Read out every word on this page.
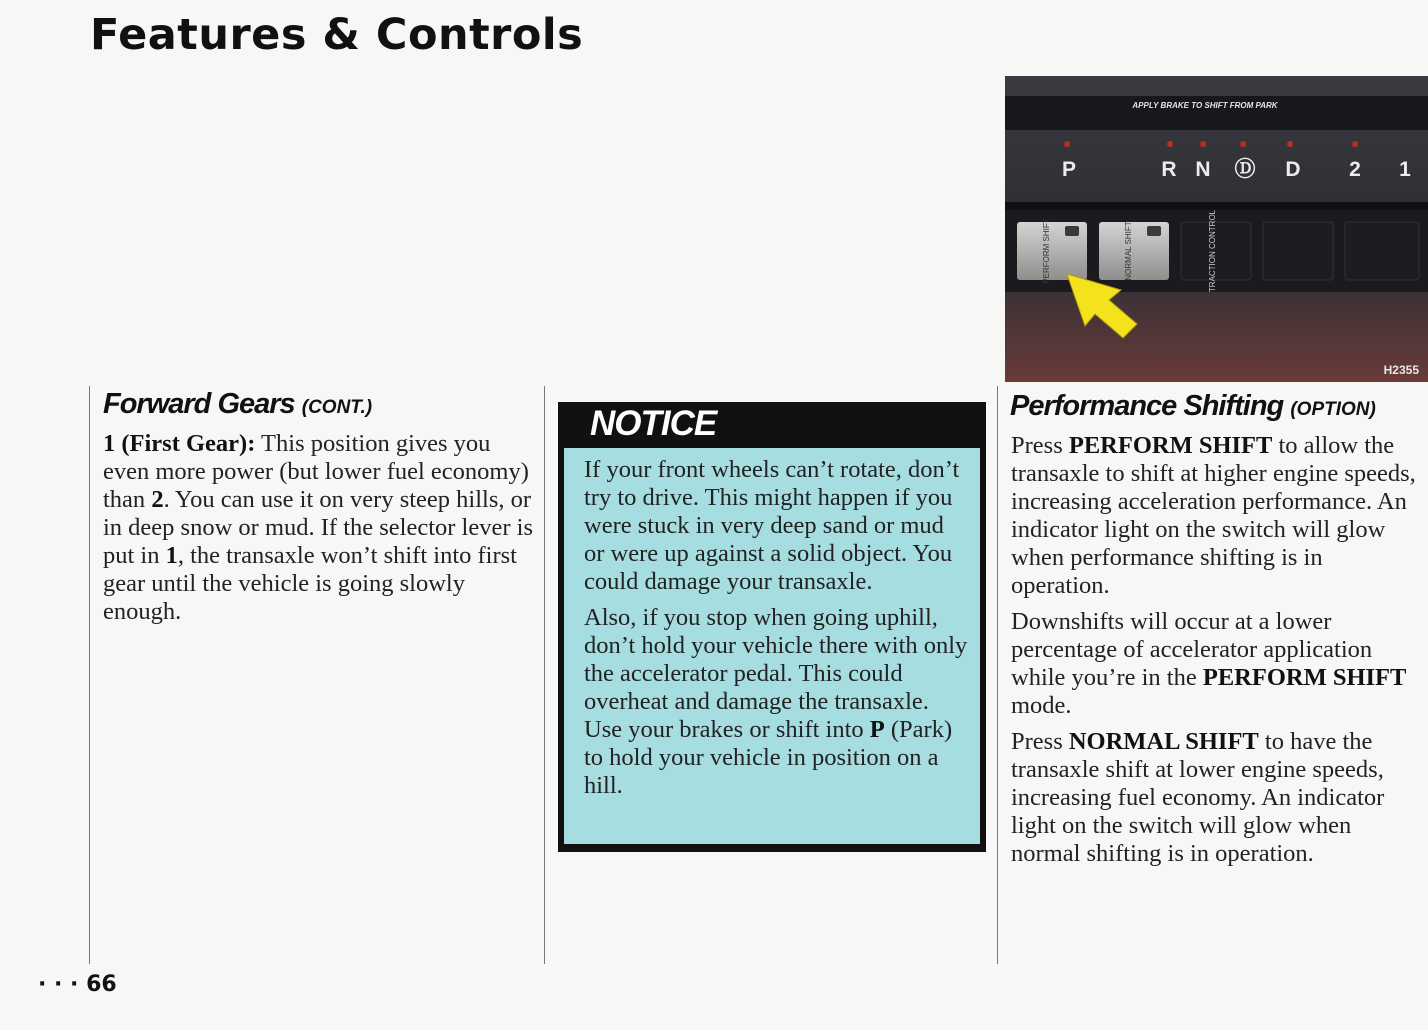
Features & Controls
Forward Gears (CONT.)

1 (First Gear): This position gives you even more power (but lower fuel economy) than 2. You can use it on very steep hills, or in deep snow or mud. If the selector lever is put in 1, the transaxle won’t shift into first gear until the vehicle is going slowly enough.

NOTICE

If your front wheels can’t rotate, don’t try to drive. This might happen if you were stuck in very deep sand or mud or were up against a solid object. You could damage your transaxle.

Also, if you stop when going uphill, don’t hold your vehicle there with only the accelerator pedal. This could overheat and damage the transaxle. Use your brakes or shift into P (Park) to hold your vehicle in position on a hill.

APPLY BRAKE TO SHIFT FROM PARK
P	R N Ⓓ D 2 1
PERFORM SHIFT	NORMAL SHIFT	TRACTION CONTROL
H2355
Performance Shifting (OPTION)

Press PERFORM SHIFT to allow the transaxle to shift at higher engine speeds, increasing acceleration performance. An indicator light on the switch will glow when performance shifting is in operation.

Downshifts will occur at a lower percentage of accelerator application while you’re in the PERFORM SHIFT mode.

Press NORMAL SHIFT to have the transaxle shift at lower engine speeds, increasing fuel economy. An indicator light on the switch will glow when normal shifting is in operation.

· · · 66
